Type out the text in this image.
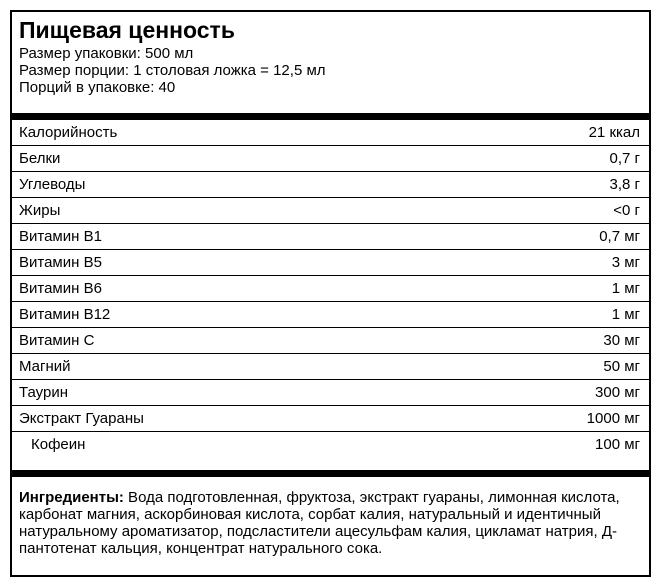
Пищевая ценность
Размер упаковки: 500 мл
Размер порции: 1 столовая ложка = 12,5 мл
Порций в упаковке: 40
Калорийность	21 ккал
Белки	0,7 г
Углеводы	3,8 г
Жиры	<0 г
Витамин В1	0,7 мг
Витамин В5	3 мг
Витамин В6	1 мг
Витамин В12	1 мг
Витамин С	30 мг
Магний	50 мг
Таурин	300 мг
Экстракт Гуараны	1000 мг
Кофеин	100 мг
Ингредиенты: Вода подготовленная, фруктоза, экстракт гуараны, лимонная кислота, карбонат магния, аскорбиновая кислота, сорбат калия, натуральный и идентичный натуральному ароматизатор, подсластители ацесульфам калия, цикламат натрия, Д-пантотенат кальция, концентрат натурального сока.
